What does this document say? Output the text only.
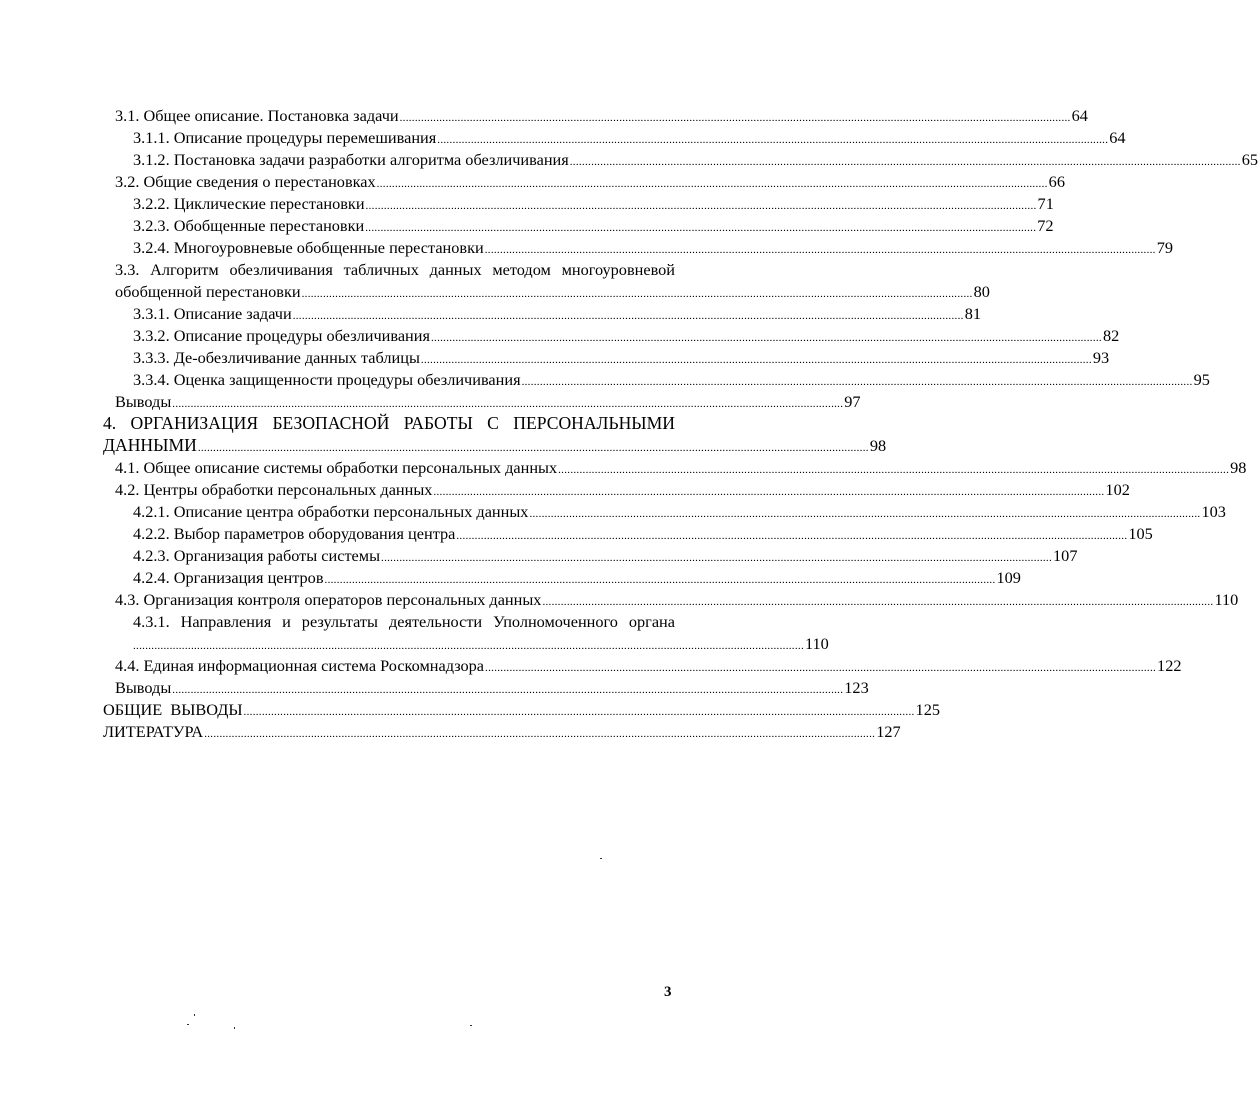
3.1. Общее описание. Постановка задачи ............................................................................................................................................................................................................................ 64
3.1.1. Описание процедуры перемешивания ............................................................................................................................................................................................................................ 64
3.1.2. Постановка задачи разработки алгоритма обезличивания ............................................................................................................................................................................................................................ 65
3.2. Общие сведения о перестановках ............................................................................................................................................................................................................................ 66
3.2.2. Циклические перестановки ............................................................................................................................................................................................................................ 71
3.2.3. Обобщенные перестановки ............................................................................................................................................................................................................................ 72
3.2.4. Многоуровневые обобщенные перестановки ............................................................................................................................................................................................................................ 79
3.3. Алгоритм обезличивания табличных данных методом многоуровневой
обобщенной перестановки ............................................................................................................................................................................................................................ 80
3.3.1. Описание задачи ............................................................................................................................................................................................................................ 81
3.3.2. Описание процедуры обезличивания ............................................................................................................................................................................................................................ 82
3.3.3. Де-обезличивание данных таблицы ............................................................................................................................................................................................................................ 93
3.3.4. Оценка защищенности процедуры обезличивания ............................................................................................................................................................................................................................ 95
Выводы ............................................................................................................................................................................................................................ 97
4. ОРГАНИЗАЦИЯ БЕЗОПАСНОЙ РАБОТЫ С ПЕРСОНАЛЬНЫМИ
ДАННЫМИ ............................................................................................................................................................................................................................ 98
4.1. Общее описание системы обработки персональных данных ............................................................................................................................................................................................................................ 98
4.2. Центры обработки персональных данных ............................................................................................................................................................................................................................ 102
4.2.1. Описание центра обработки персональных данных ............................................................................................................................................................................................................................ 103
4.2.2. Выбор параметров оборудования центра ............................................................................................................................................................................................................................ 105
4.2.3. Организация работы системы ............................................................................................................................................................................................................................ 107
4.2.4. Организация центров ............................................................................................................................................................................................................................ 109
4.3. Организация контроля операторов персональных данных ............................................................................................................................................................................................................................ 110
4.3.1. Направления и результаты деятельности Уполномоченного органа
............................................................................................................................................................................................................................ 110
4.4. Единая информационная система Роскомнадзора ............................................................................................................................................................................................................................ 122
Выводы ............................................................................................................................................................................................................................ 123
ОБЩИЕ  ВЫВОДЫ ............................................................................................................................................................................................................................ 125
ЛИТЕРАТУРА ............................................................................................................................................................................................................................ 127
3
